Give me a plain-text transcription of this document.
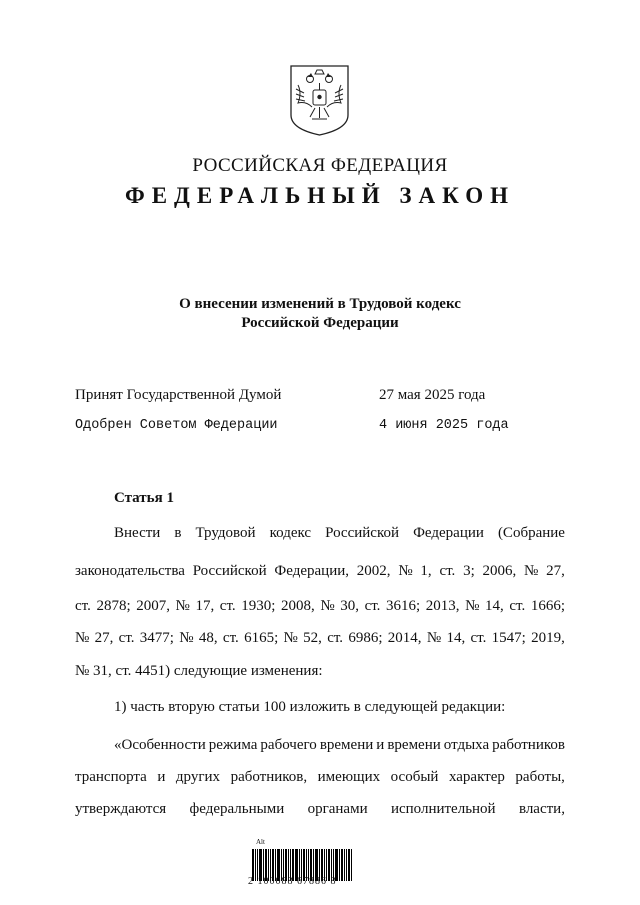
РОССИЙСКАЯ ФЕДЕРАЦИЯ
ФЕДЕРАЛЬНЫЙ ЗАКОН
О внесении изменений в Трудовой кодекс
Российской Федерации
Принят Государственной Думой	27 мая 2025 года
Одобрен Советом Федерации	4 июня 2025 года
Статья 1
Внести в Трудовой кодекс Российской Федерации (Собрание
законодательства Российской Федерации, 2002, № 1, ст. 3; 2006, № 27,
ст. 2878; 2007, № 17, ст. 1930; 2008, № 30, ст. 3616; 2013, № 14, ст. 1666;
№ 27, ст. 3477; № 48, ст. 6165; № 52, ст. 6986; 2014, № 14, ст. 1547; 2019,
№ 31, ст. 4451) следующие изменения:
1) часть вторую статьи 100 изложить в следующей редакции:
«Особенности режима рабочего времени и времени отдыха работников
транспорта и других работников, имеющих особый характер работы,
утверждаются федеральными органами исполнительной власти,
Alt
2 100088 67886 8
